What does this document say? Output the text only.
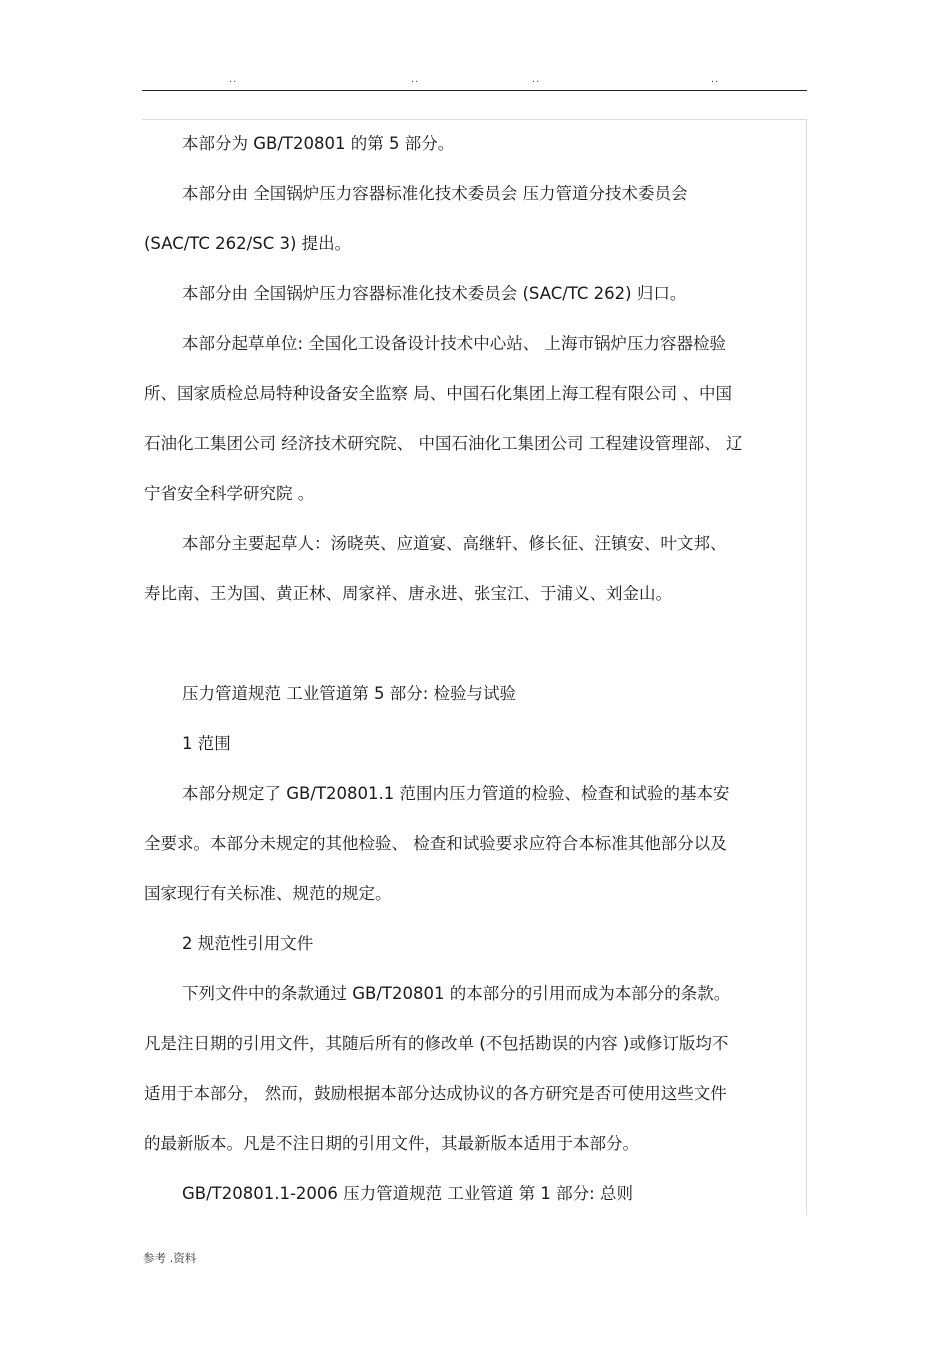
..	..	..	..
本部分为 GB/T20801 的第 5 部分。
本部分由 全国锅炉压力容器标准化技术委员会 压力管道分技术委员会
(SAC/TC 262/SC 3) 提出。
本部分由 全国锅炉压力容器标准化技术委员会 (SAC/TC 262) 归口。
本部分起草单位: 全国化工设备设计技术中心站、 上海市锅炉压力容器检验
所、国家质检总局特种设备安全监察 局、中国石化集团上海工程有限公司 、中国
石油化工集团公司 经济技术研究院、 中国石油化工集团公司 工程建设管理部、 辽
宁省安全科学研究院 。
本部分主要起草人：汤晓英、应道宴、高继轩、修长征、汪镇安、叶文邦、
寿比南、王为国、黄正林、周家祥、唐永进、张宝江、于浦义、刘金山。
压力管道规范 工业管道第 5 部分: 检验与试验
1 范围
本部分规定了 GB/T20801.1 范围内压力管道的检验、检查和试验的基本安
全要求。本部分未规定的其他检验、 检查和试验要求应符合本标准其他部分以及
国家现行有关标准、规范的规定。
2 规范性引用文件
下列文件中的条款通过 GB/T20801 的本部分的引用而成为本部分的条款。
凡是注日期的引用文件，其随后所有的修改单 (不包括勘误的内容 )或修订版均不
适用于本部分， 然而，鼓励根据本部分达成协议的各方研究是否可使用这些文件
的最新版本。凡是不注日期的引用文件，其最新版本适用于本部分。
GB/T20801.1-2006 压力管道规范 工业管道 第 1 部分: 总则
参考 .资料
